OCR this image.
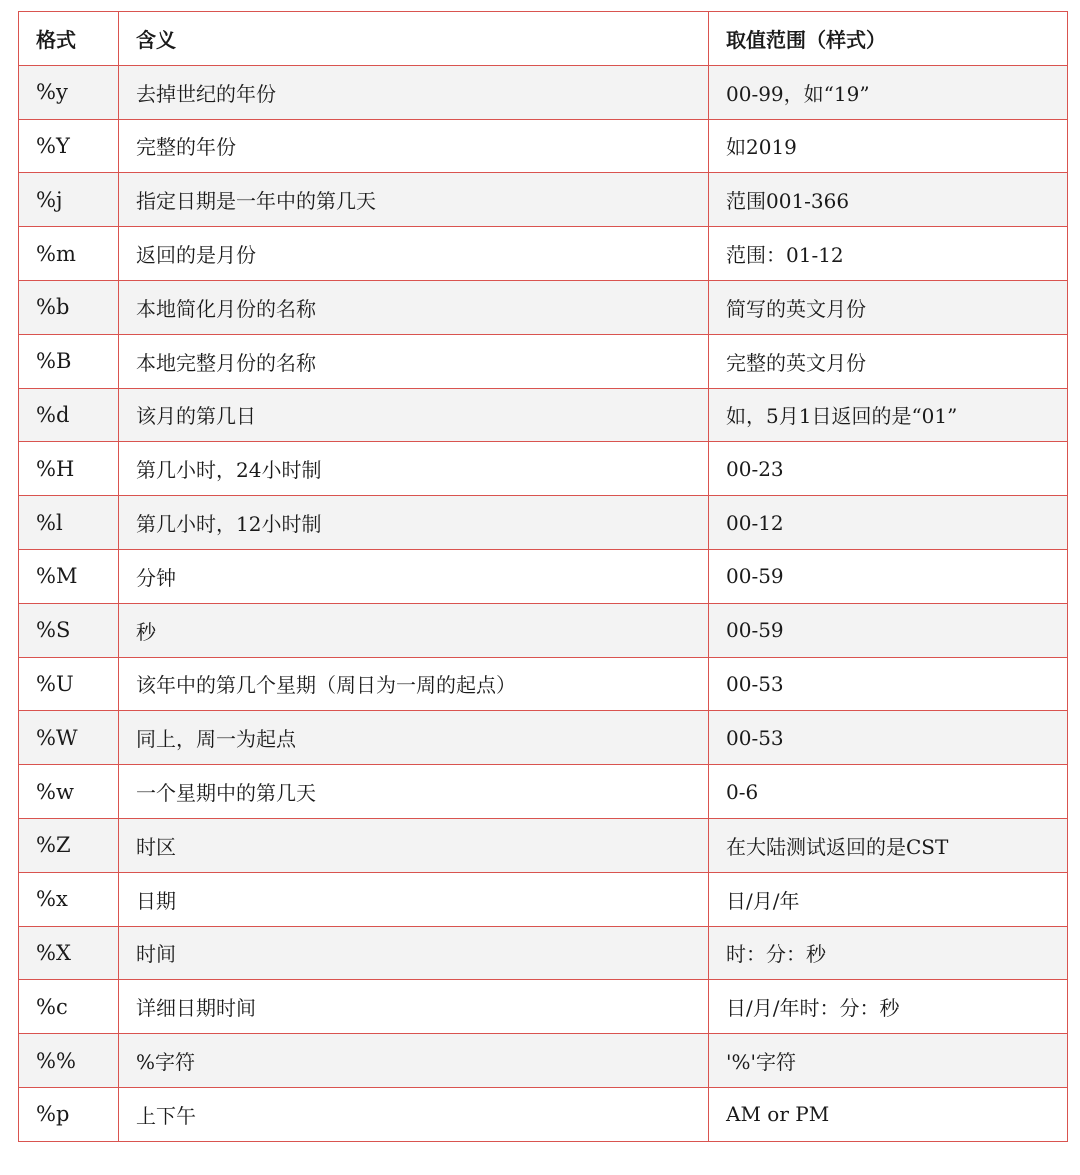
格式	含义	取值范围（样式）
%y	去掉世纪的年份	00-99，如“19”
%Y	完整的年份	如2019
%j	指定日期是一年中的第几天	范围001-366
%m	返回的是月份	范围：01-12
%b	本地简化月份的名称	简写的英文月份
%B	本地完整月份的名称	完整的英文月份
%d	该月的第几日	如，5月1日返回的是“01”
%H	第几小时，24小时制	00-23
%l	第几小时，12小时制	00-12
%M	分钟	00-59
%S	秒	00-59
%U	该年中的第几个星期（周日为一周的起点）	00-53
%W	同上，周一为起点	00-53
%w	一个星期中的第几天	0-6
%Z	时区	在大陆测试返回的是CST
%x	日期	日/月/年
%X	时间	时：分：秒
%c	详细日期时间	日/月/年时：分：秒
%%	%字符	'%'字符
%p	上下午	AM or PM
